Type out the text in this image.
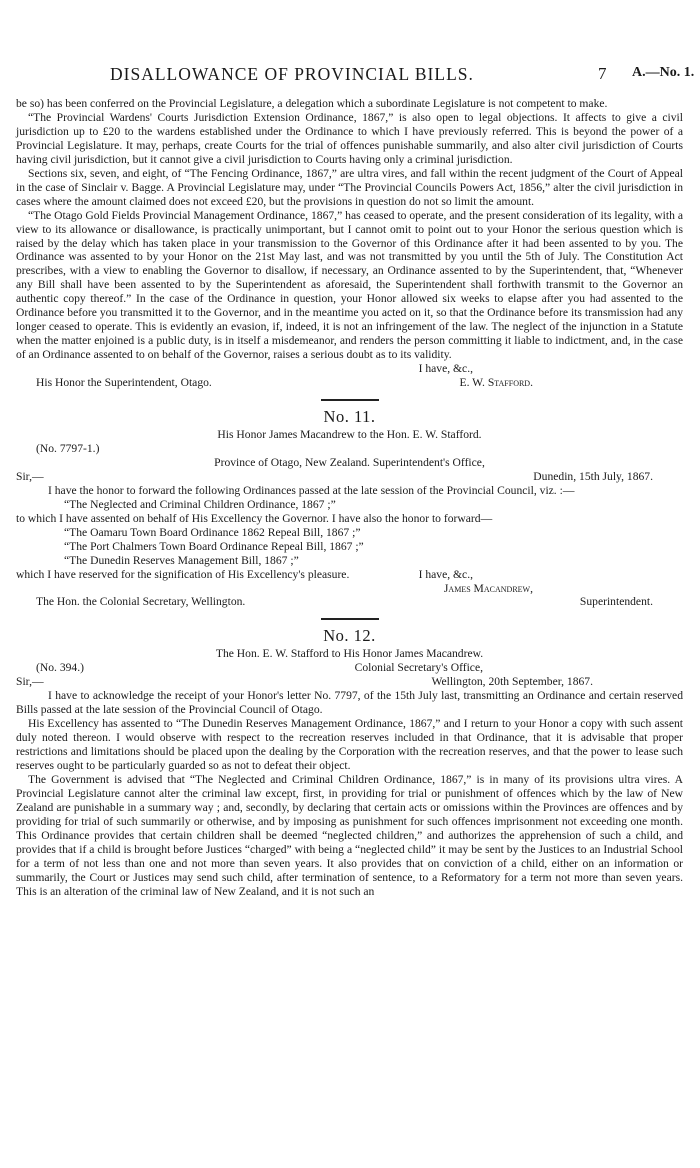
DISALLOWANCE OF PROVINCIAL BILLS.	7 A.—No. 1.

be so) has been conferred on the Provincial Legislature, a delegation which a subordinate Legislature is not competent to make.

“The Provincial Wardens' Courts Jurisdiction Extension Ordinance, 1867,” is also open to legal objections. It affects to give a civil jurisdiction up to £20 to the wardens established under the Ordinance to which I have previously referred. This is beyond the power of a Provincial Legislature. It may, perhaps, create Courts for the trial of offences punishable summarily, and also alter civil jurisdiction of Courts having civil jurisdiction, but it cannot give a civil jurisdiction to Courts having only a criminal jurisdiction.

Sections six, seven, and eight, of “The Fencing Ordinance, 1867,” are ultra vires, and fall within the recent judgment of the Court of Appeal in the case of Sinclair v. Bagge. A Provincial Legislature may, under “The Provincial Councils Powers Act, 1856,” alter the civil jurisdiction in cases where the amount claimed does not exceed £20, but the provisions in question do not so limit the amount.

“The Otago Gold Fields Provincial Management Ordinance, 1867,” has ceased to operate, and the present consideration of its legality, with a view to its allowance or disallowance, is practically unimportant, but I cannot omit to point out to your Honor the serious question which is raised by the delay which has taken place in your transmission to the Governor of this Ordinance after it had been assented to by you. The Ordinance was assented to by your Honor on the 21st May last, and was not transmitted by you until the 5th of July. The Constitution Act prescribes, with a view to enabling the Governor to disallow, if necessary, an Ordinance assented to by the Superintendent, that, “Whenever any Bill shall have been assented to by the Superintendent as aforesaid, the Superintendent shall forthwith transmit to the Governor an authentic copy thereof.” In the case of the Ordinance in question, your Honor allowed six weeks to elapse after you had assented to the Ordinance before you transmitted it to the Governor, and in the meantime you acted on it, so that the Ordinance before its transmission had any longer ceased to operate. This is evidently an evasion, if, indeed, it is not an infringement of the law. The neglect of the injunction in a Statute when the matter enjoined is a public duty, is in itself a misdemeanor, and renders the person committing it liable to indictment, and, in the case of an Ordinance assented to on behalf of the Governor, raises a serious doubt as to its validity.

I have, &c.,
His Honor the Superintendent, Otago.	E. W. Stafford.
No. 11.
His Honor James Macandrew to the Hon. E. W. Stafford.
(No. 7797-1.)
Province of Otago, New Zealand. Superintendent's Office,
Sir,—	Dunedin, 15th July, 1867.

I have the honor to forward the following Ordinances passed at the late session of the Provincial Council, viz. :—

“The Neglected and Criminal Children Ordinance, 1867 ;”

to which I have assented on behalf of His Excellency the Governor. I have also the honor to forward—

“The Oamaru Town Board Ordinance 1862 Repeal Bill, 1867 ;”
“The Port Chalmers Town Board Ordinance Repeal Bill, 1867 ;”
“The Dunedin Reserves Management Bill, 1867 ;”
which I have reserved for the signification of His Excellency's pleasure.	I have, &c.,
James Macandrew,
The Hon. the Colonial Secretary, Wellington.	Superintendent.
No. 12.
The Hon. E. W. Stafford to His Honor James Macandrew.
(No. 394.)	Colonial Secretary's Office,
Sir,—	Wellington, 20th September, 1867.

I have to acknowledge the receipt of your Honor's letter No. 7797, of the 15th July last, transmitting an Ordinance and certain reserved Bills passed at the late session of the Provincial Council of Otago.

His Excellency has assented to “The Dunedin Reserves Management Ordinance, 1867,” and I return to your Honor a copy with such assent duly noted thereon. I would observe with respect to the recreation reserves included in that Ordinance, that it is advisable that proper restrictions and limitations should be placed upon the dealing by the Corporation with the recreation reserves, and that the power to lease such reserves ought to be particularly guarded so as not to defeat their object.

The Government is advised that “The Neglected and Criminal Children Ordinance, 1867,” is in many of its provisions ultra vires. A Provincial Legislature cannot alter the criminal law except, first, in providing for trial or punishment of offences which by the law of New Zealand are punishable in a summary way ; and, secondly, by declaring that certain acts or omissions within the Provinces are offences and by providing for trial of such summarily or otherwise, and by imposing as punishment for such offences imprisonment not exceeding one month. This Ordinance provides that certain children shall be deemed “neglected children,” and authorizes the apprehension of such a child, and provides that if a child is brought before Justices “charged” with being a “neglected child” it may be sent by the Justices to an Industrial School for a term of not less than one and not more than seven years. It also provides that on conviction of a child, either on an information or summarily, the Court or Justices may send such child, after termination of sentence, to a Reformatory for a term not more than seven years. This is an alteration of the criminal law of New Zealand, and it is not such an
